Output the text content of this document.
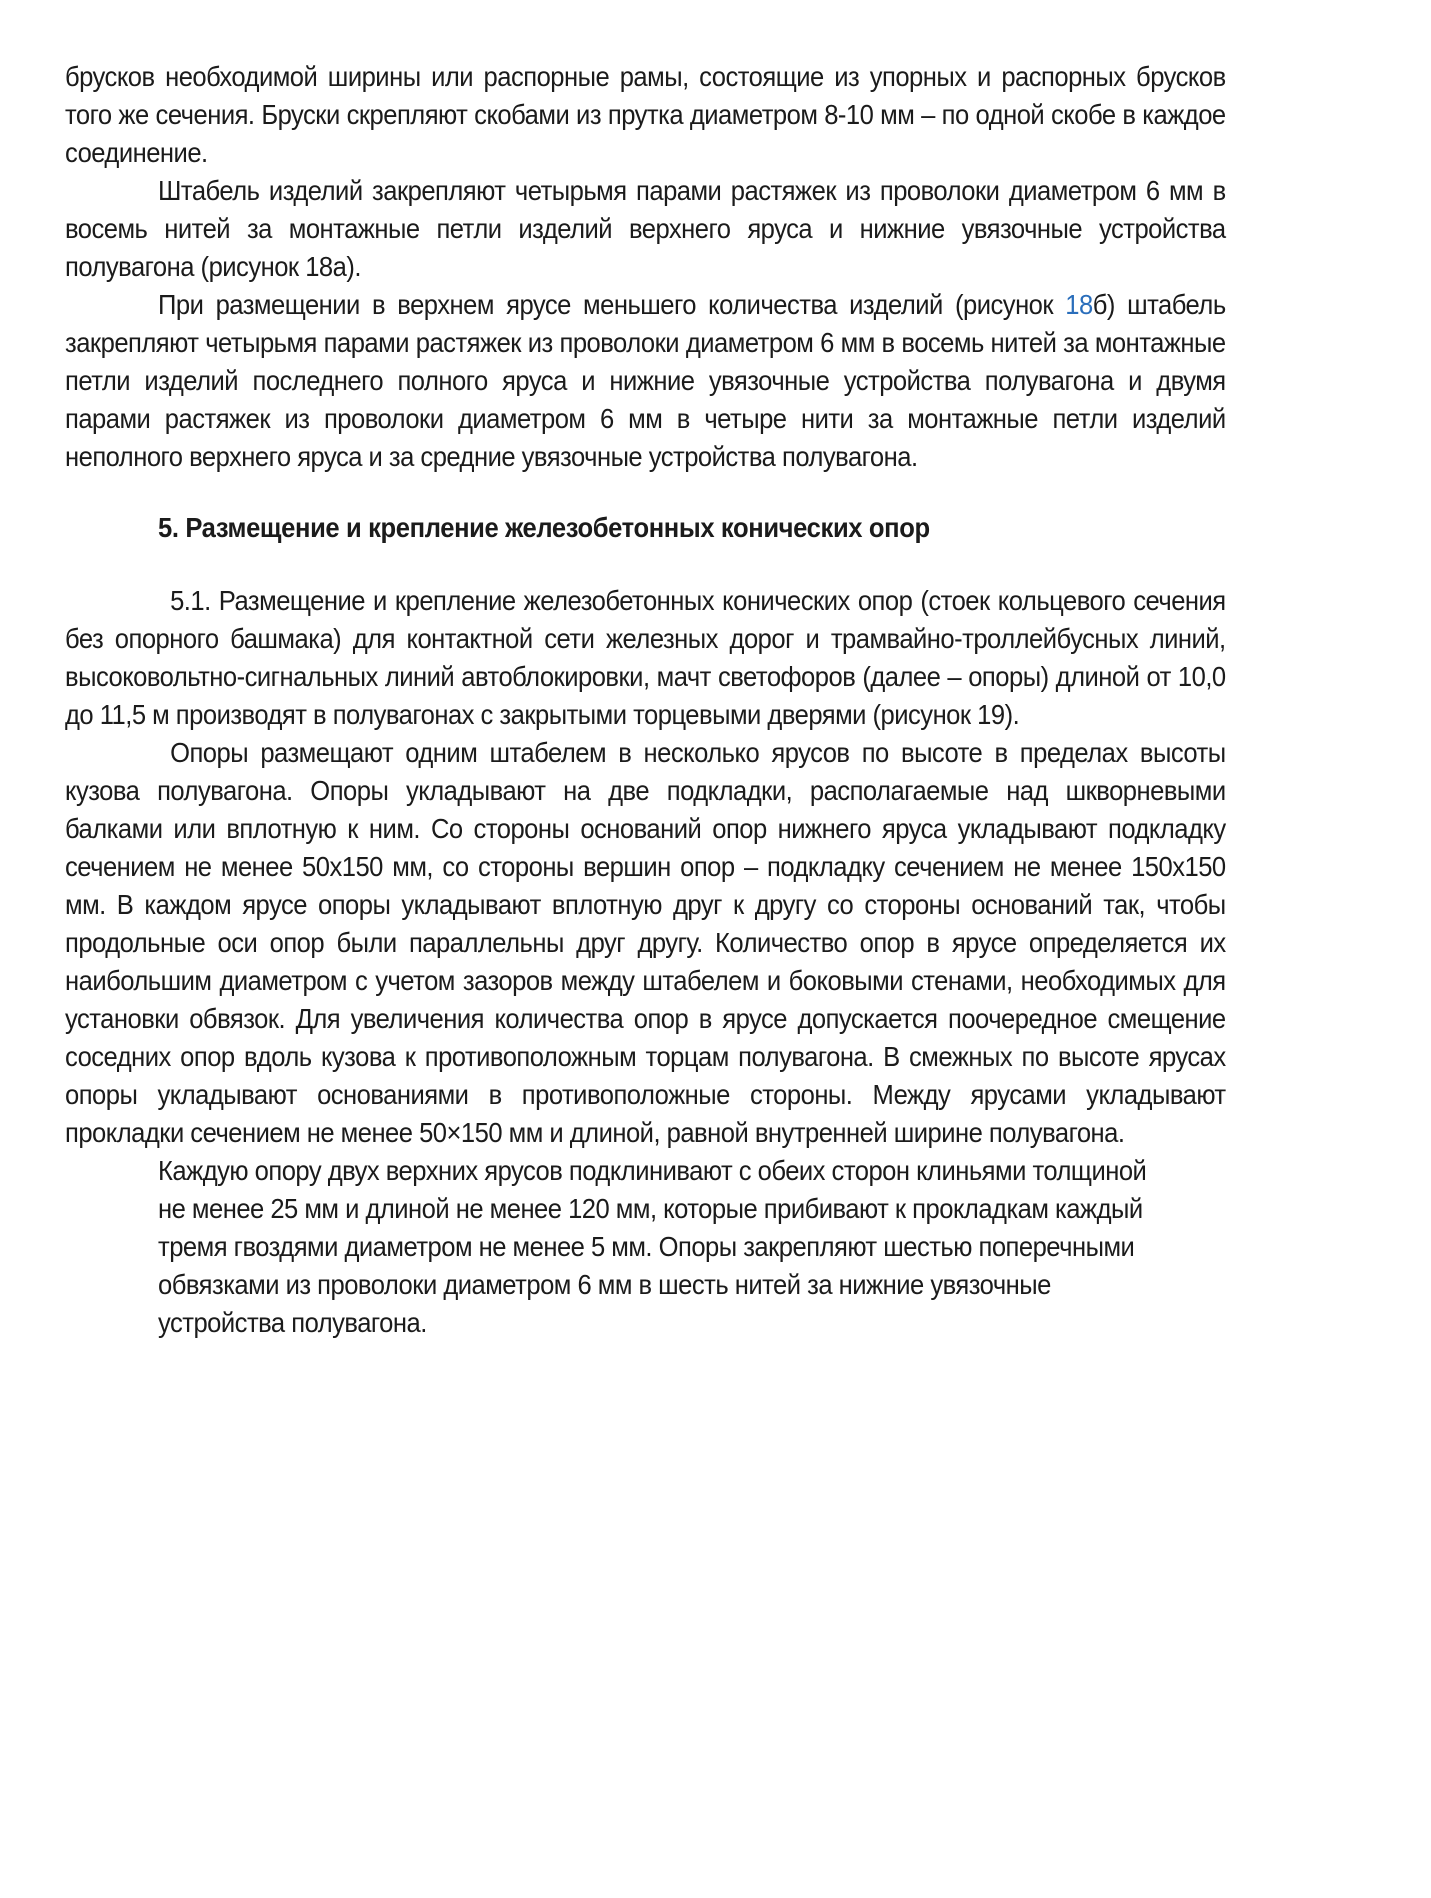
брусков необходимой ширины или распорные рамы, состоящие из упорных и распорных брусков того же сечения. Бруски скрепляют скобами из прутка диаметром 8-10 мм – по одной скобе в каждое соединение.

Штабель изделий закрепляют четырьмя парами растяжек из проволоки диаметром 6 мм в восемь нитей за монтажные петли изделий верхнего яруса и нижние увязочные устройства полувагона (рисунок 18а).

При размещении в верхнем ярусе меньшего количества изделий (рисунок 18б) штабель закрепляют четырьмя парами растяжек из проволоки диаметром 6 мм в восемь нитей за монтажные петли изделий последнего полного яруса и нижние увязочные устройства полувагона и двумя парами растяжек из проволоки диаметром 6 мм в четыре нити за монтажные петли изделий неполного верхнего яруса и за средние увязочные устройства полувагона.

5. Размещение и крепление железобетонных конических опор

5.1. Размещение и крепление железобетонных конических опор (стоек кольцевого сечения без опорного башмака) для контактной сети железных дорог и трамвайно-троллейбусных линий, высоковольтно-сигнальных линий автоблокировки, мачт светофоров (далее – опоры) длиной от 10,0 до 11,5 м производят в полувагонах с закрытыми торцевыми дверями (рисунок 19).

Опоры размещают одним штабелем в несколько ярусов по высоте в пределах высоты кузова полувагона. Опоры укладывают на две подкладки, располагаемые над шкворневыми балками или вплотную к ним. Со стороны оснований опор нижнего яруса укладывают подкладку сечением не менее 50х150 мм, со стороны вершин опор – подкладку сечением не менее 150х150 мм. В каждом ярусе опоры укладывают вплотную друг к другу со стороны оснований так, чтобы продольные оси опор были параллельны друг другу. Количество опор в ярусе определяется их наибольшим диаметром с учетом зазоров между штабелем и боковыми стенами, необходимых для установки обвязок. Для увеличения количества опор в ярусе допускается поочередное смещение соседних опор вдоль кузова к противоположным торцам полувагона. В смежных по высоте ярусах опоры укладывают основаниями в противоположные стороны. Между ярусами укладывают прокладки сечением не менее 50×150 мм и длиной, равной внутренней ширине полувагона.

Каждую опору двух верхних ярусов подклинивают с обеих сторон клиньями толщиной не менее 25 мм и длиной не менее 120 мм, которые прибивают к прокладкам каждый тремя гвоздями диаметром не менее 5 мм. Опоры закрепляют шестью поперечными обвязками из проволоки диаметром 6 мм в шесть нитей за нижние увязочные устройства полувагона.
